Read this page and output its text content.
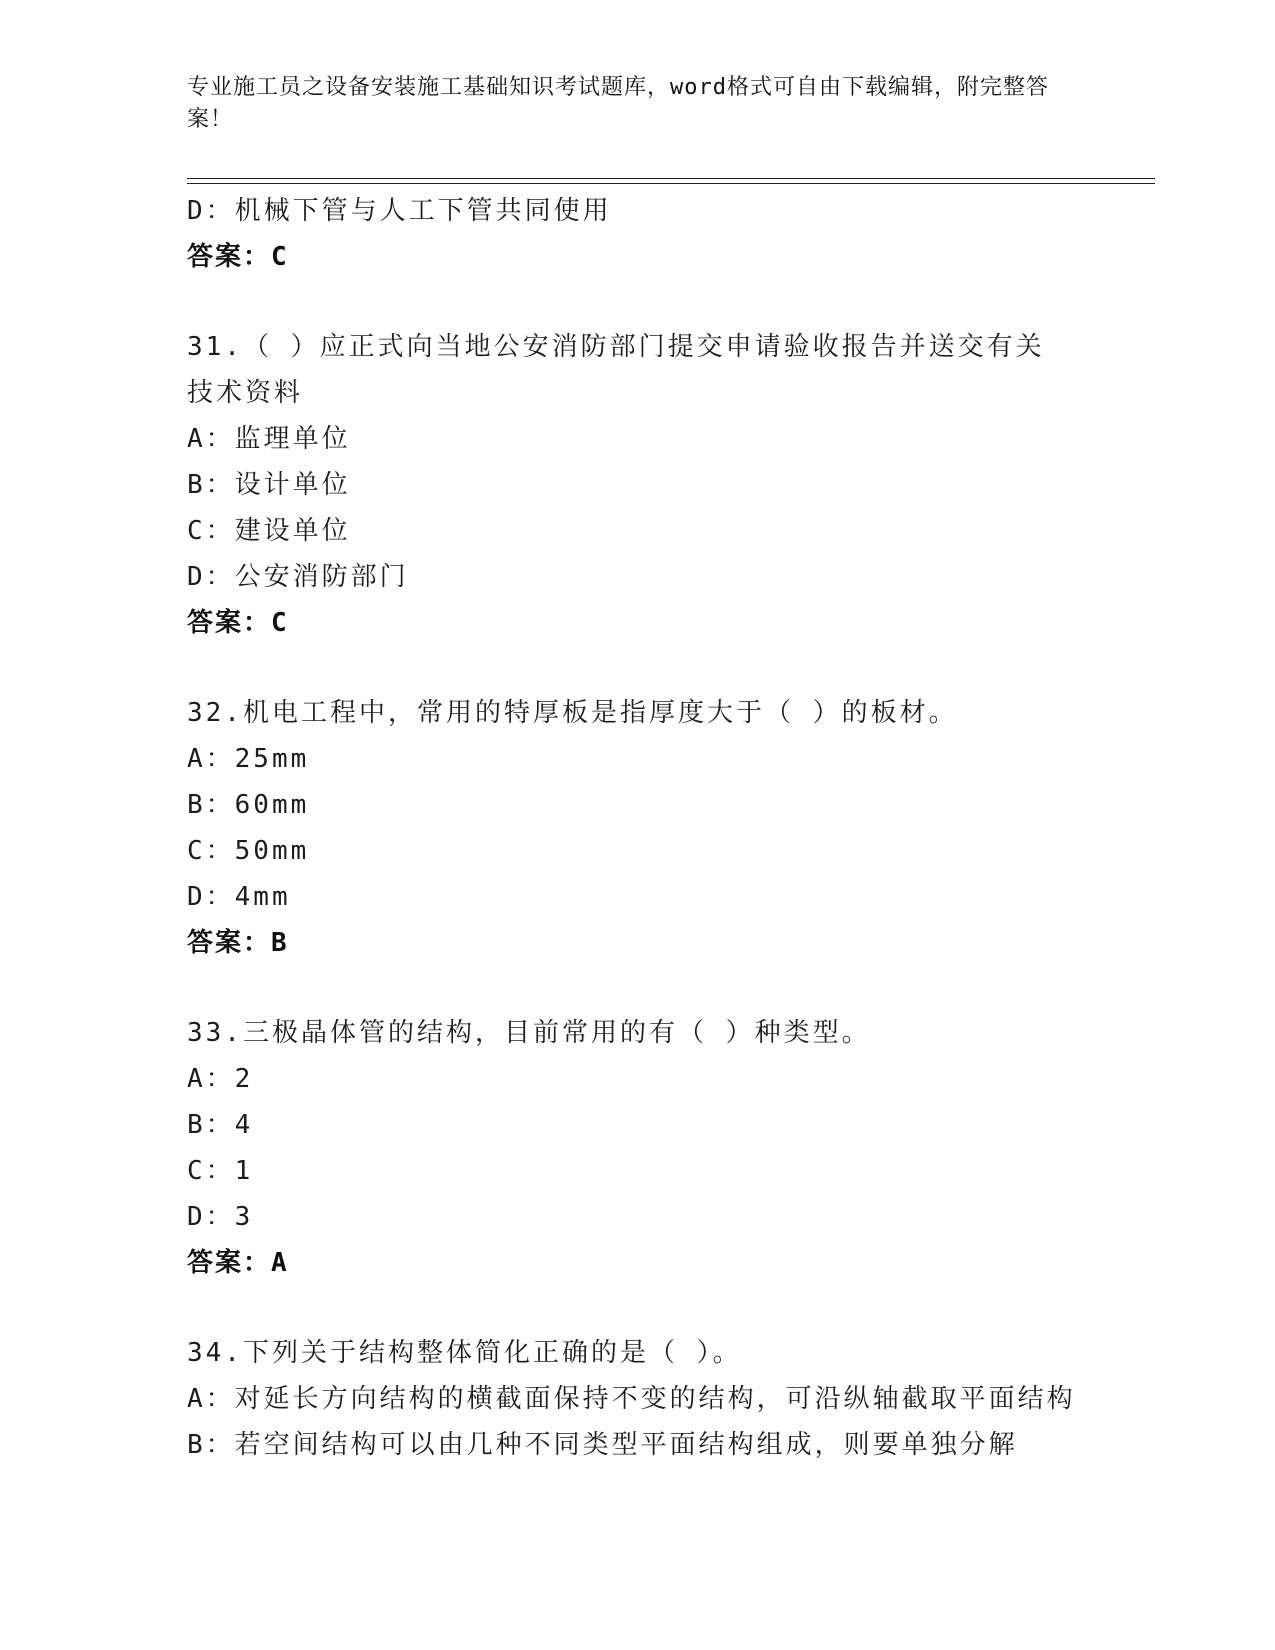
专业施工员之设备安装施工基础知识考试题库，word格式可自由下载编辑，附完整答案！
D：机械下管与人工下管共同使用
答案：C
31.（ ）应正式向当地公安消防部门提交申请验收报告并送交有关技术资料
A：监理单位
B：设计单位
C：建设单位
D：公安消防部门
答案：C
32.机电工程中，常用的特厚板是指厚度大于（ ）的板材。
A：25mm
B：60mm
C：50mm
D：4mm
答案：B
33.三极晶体管的结构，目前常用的有（ ）种类型。
A：2
B：4
C：1
D：3
答案：A
34.下列关于结构整体简化正确的是（ ）。
A：对延长方向结构的横截面保持不变的结构，可沿纵轴截取平面结构
B：若空间结构可以由几种不同类型平面结构组成，则要单独分解
